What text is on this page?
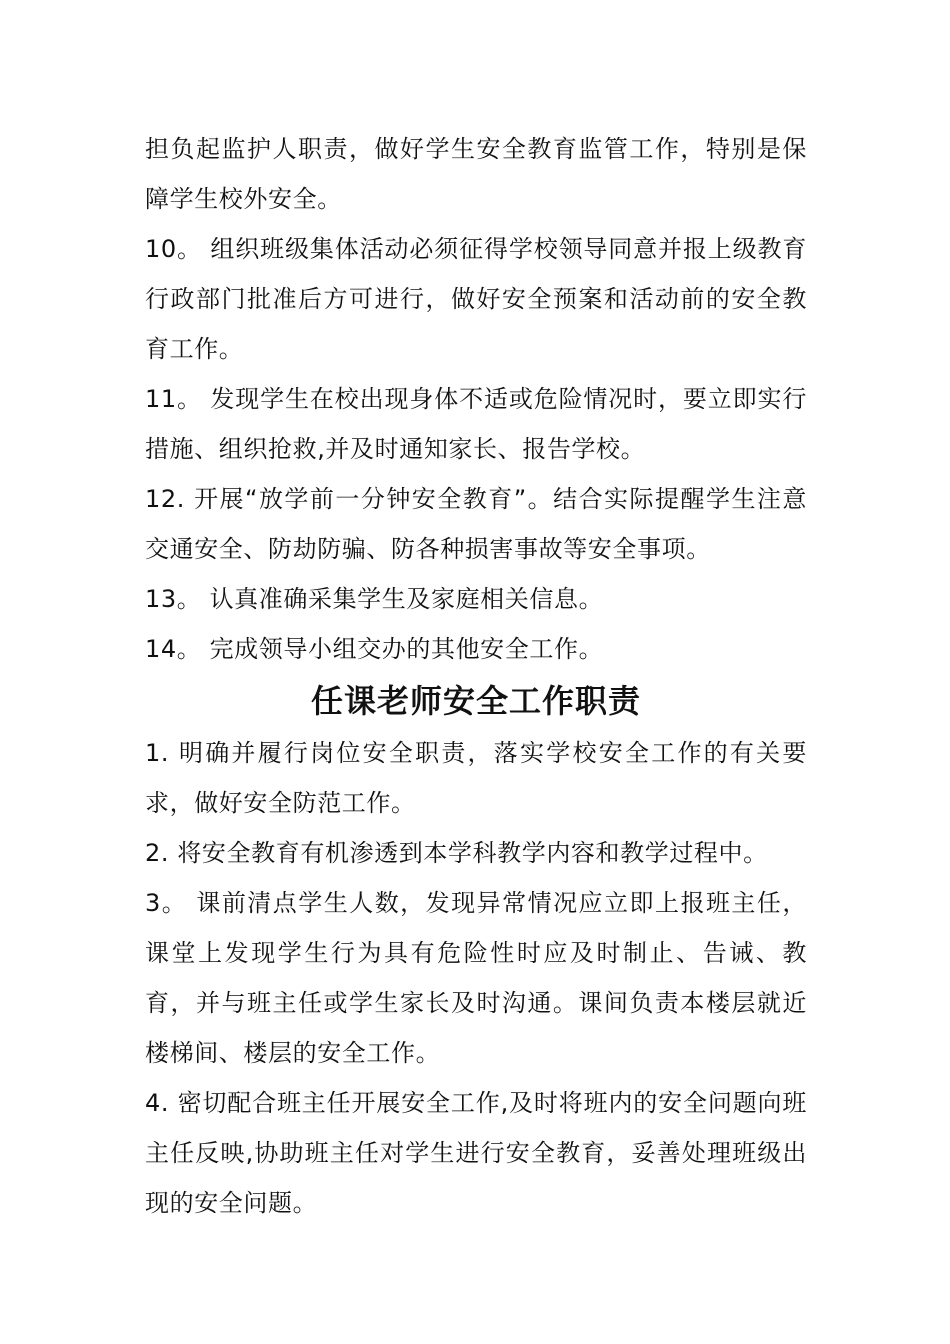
担负起监护人职责，做好学生安全教育监管工作，特别是保障学生校外安全。

10。 组织班级集体活动必须征得学校领导同意并报上级教育行政部门批准后方可进行，做好安全预案和活动前的安全教育工作。

11。 发现学生在校出现身体不适或危险情况时，要立即实行措施、组织抢救,并及时通知家长、报告学校。

12. 开展“放学前一分钟安全教育”。结合实际提醒学生注意交通安全、防劫防骗、防各种损害事故等安全事项。

13。 认真准确采集学生及家庭相关信息。

14。 完成领导小组交办的其他安全工作。

任课老师安全工作职责

1. 明确并履行岗位安全职责，落实学校安全工作的有关要求，做好安全防范工作。

2. 将安全教育有机渗透到本学科教学内容和教学过程中。

3。 课前清点学生人数，发现异常情况应立即上报班主任，课堂上发现学生行为具有危险性时应及时制止、告诫、教育，并与班主任或学生家长及时沟通。课间负责本楼层就近楼梯间、楼层的安全工作。

4. 密切配合班主任开展安全工作,及时将班内的安全问题向班主任反映,协助班主任对学生进行安全教育，妥善处理班级出现的安全问题。
